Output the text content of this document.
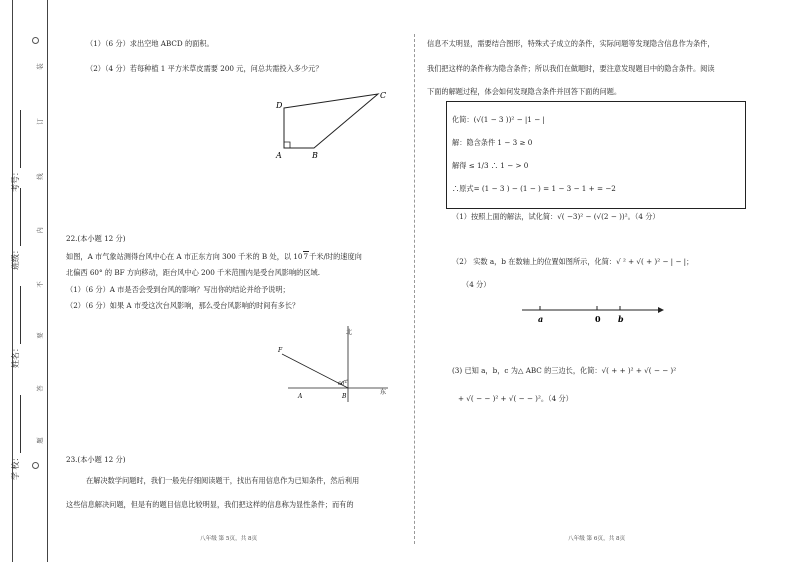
装
订
线
内
不
要
答
题
考号：
班级：
姓名：
学 校：
（1）（6 分）求出空地 ABCD 的面积。
（2）（4 分）若每种植 1 平方米草皮需要 200 元，问总共需投入多少元？
D
C
A	B
22.(本小题 12 分)
如图，A 市气象站测得台风中心在 A 市正东方向 300 千米的 B 处，以 107千米/时的速度向
北偏西 60° 的 BF 方向移动，距台风中心 200 千米范围内是受台风影响的区域.
（1）（6 分）A 市是否会受到台风的影响？写出你的结论并给予说明；
（2）（6 分）如果 A 市受这次台风影响，那么受台风影响的时间有多长？
北
东
F
A	B
60°
23.(本小题 12 分)
在解决数学问题时，我们一般先仔细阅读题干，找出有用信息作为已知条件，然后利用
这些信息解决问题，但是有的题目信息比较明显，我们把这样的信息称为显性条件；而有的
八年级 第 5页，共 8页
信息不太明显，需要结合图形，特殊式子成立的条件，实际问题等发现隐含信息作为条件，
我们把这样的条件称为隐含条件；所以我们在做题时，要注意发现题目中的隐含条件。阅读
下面的解题过程，体会如何发现隐含条件并回答下面的问题。
化简：(√(1 − 3 ))² − |1 − |
解：隐含条件 1 − 3 ≥ 0
解得 ≤ 1/3 ∴ 1 − > 0
∴原式= (1 − 3 ) − (1 − ) = 1 − 3 − 1 + = −2
（1）按照上面的解法，试化简：√( −3)² − (√(2 − ))²。（4 分）
（2） 实数 a，b 在数轴上的位置如图所示，化简：√ ² + √( + )² − | − |；
（4 分）
a	0 b
(3) 已知 a，b，c 为△ ABC 的三边长，化简：√( + + )² + √( − − )²
+ √( − − )² + √( − − )²。（4 分）
八年级 第 6页，共 8页
